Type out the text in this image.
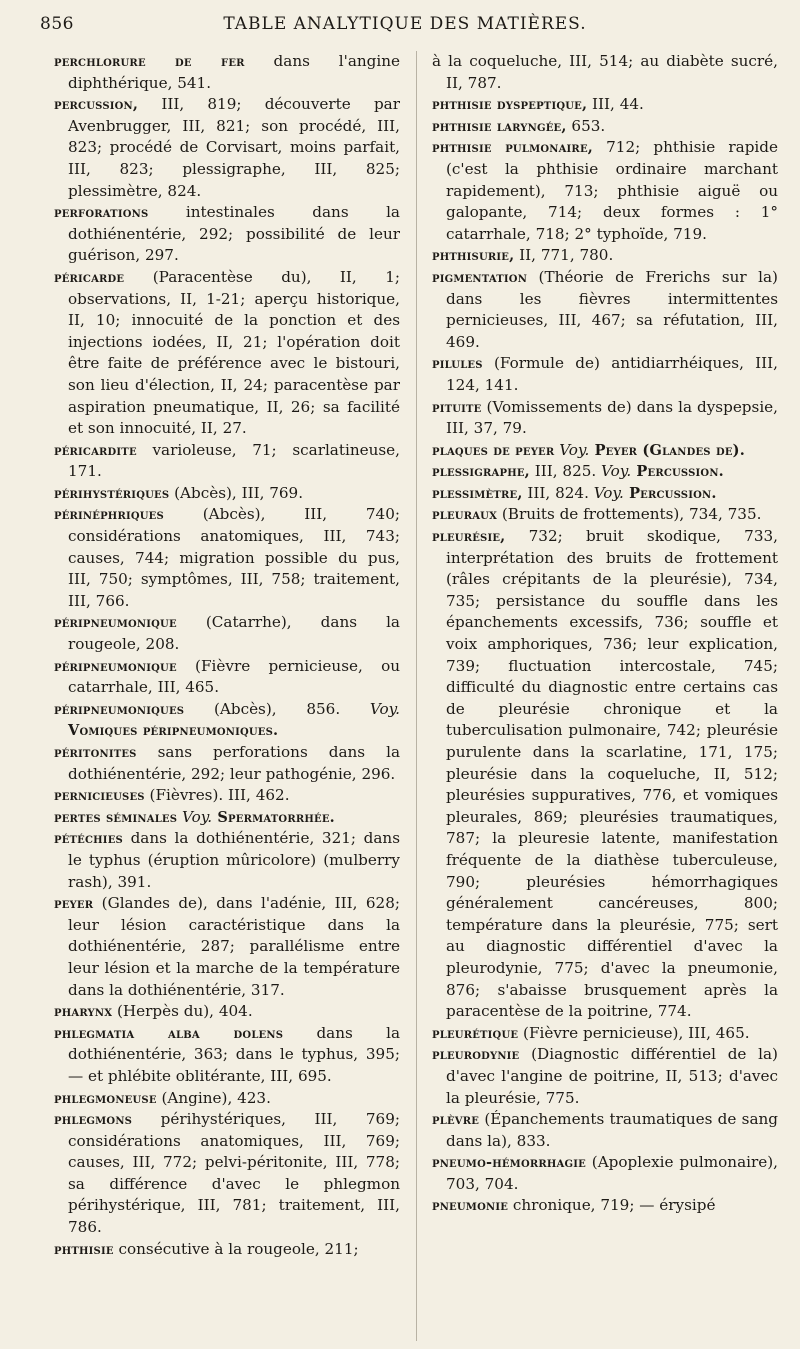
856	TABLE ANALYTIQUE DES MATIÈRES.

perchlorure de fer dans l'angine diphthérique, 541.

percussion, III, 819; découverte par Avenbrugger, III, 821; son procédé, III, 823; procédé de Corvisart, moins parfait, III, 823; plessigraphe, III, 825; plessimètre, 824.

perforations intestinales dans la dothiénentérie, 292; possibilité de leur guérison, 297.

péricarde (Paracentèse du), II, 1; observations, II, 1-21; aperçu historique, II, 10; innocuité de la ponction et des injections iodées, II, 21; l'opération doit être faite de préférence avec le bistouri, son lieu d'élection, II, 24; paracentèse par aspiration pneumatique, II, 26; sa facilité et son innocuité, II, 27.

péricardite varioleuse, 71; scarlatineuse, 171.

périhystériques (Abcès), III, 769.

périnéphriques (Abcès), III, 740; considérations anatomiques, III, 743; causes, 744; migration possible du pus, III, 750; symptômes, III, 758; traitement, III, 766.

péripneumonique (Catarrhe), dans la rougeole, 208.

péripneumonique (Fièvre pernicieuse, ou catarrhale, III, 465.

péripneumoniques (Abcès), 856. Voy. Vomiques péripneumoniques.

péritonites sans perforations dans la dothiénentérie, 292; leur pathogénie, 296.

pernicieuses (Fièvres). III, 462.

pertes séminales Voy. Spermatorrhée.

pétéchies dans la dothiénentérie, 321; dans le typhus (éruption mûricolore) (mulberry rash), 391.

peyer (Glandes de), dans l'adénie, III, 628; leur lésion caractéristique dans la dothiénentérie, 287; parallélisme entre leur lésion et la marche de la température dans la dothiénentérie, 317.

pharynx (Herpès du), 404.

phlegmatia alba dolens dans la dothiénentérie, 363; dans le typhus, 395; — et phlébite oblitérante, III, 695.

phlegmoneuse (Angine), 423.

phlegmons périhystériques, III, 769; considérations anatomiques, III, 769; causes, III, 772; pelvi-péritonite, III, 778; sa différence d'avec le phlegmon périhystérique, III, 781; traitement, III, 786.

phthisie consécutive à la rougeole, 211;

à la coqueluche, III, 514; au diabète sucré, II, 787.

phthisie dyspeptique, III, 44.

phthisie laryngée, 653.

phthisie pulmonaire, 712; phthisie rapide (c'est la phthisie ordinaire marchant rapidement), 713; phthisie aiguë ou galopante, 714; deux formes : 1° catarrhale, 718; 2° typhoïde, 719.

phthisurie, II, 771, 780.

pigmentation (Théorie de Frerichs sur la) dans les fièvres intermittentes pernicieuses, III, 467; sa réfutation, III, 469.

pilules (Formule de) antidiarrhéiques, III, 124, 141.

pituite (Vomissements de) dans la dyspepsie, III, 37, 79.

plaques de peyer Voy. Peyer (Glandes de).

plessigraphe, III, 825. Voy. Percussion.

plessimètre, III, 824. Voy. Percussion.

pleuraux (Bruits de frottements), 734, 735.

pleurésie, 732; bruit skodique, 733, interprétation des bruits de frottement (râles crépitants de la pleurésie), 734, 735; persistance du souffle dans les épanchements excessifs, 736; souffle et voix amphoriques, 736; leur explication, 739; fluctuation intercostale, 745; difficulté du diagnostic entre certains cas de pleurésie chronique et la tuberculisation pulmonaire, 742; pleurésie purulente dans la scarlatine, 171, 175; pleurésie dans la coqueluche, II, 512; pleurésies suppuratives, 776, et vomiques pleurales, 869; pleurésies traumatiques, 787; la pleuresie latente, manifestation fréquente de la diathèse tuberculeuse, 790; pleurésies hémorrhagiques généralement cancéreuses, 800; température dans la pleurésie, 775; sert au diagnostic différentiel d'avec la pleurodynie, 775; d'avec la pneumonie, 876; s'abaisse brusquement après la paracentèse de la poitrine, 774.

pleurétique (Fièvre pernicieuse), III, 465.

pleurodynie (Diagnostic différentiel de la) d'avec l'angine de poitrine, II, 513; d'avec la pleurésie, 775.

plèvre (Épanchements traumatiques de sang dans la), 833.

pneumo-hémorrhagie (Apoplexie pulmonaire), 703, 704.

pneumonie chronique, 719; — érysipé
